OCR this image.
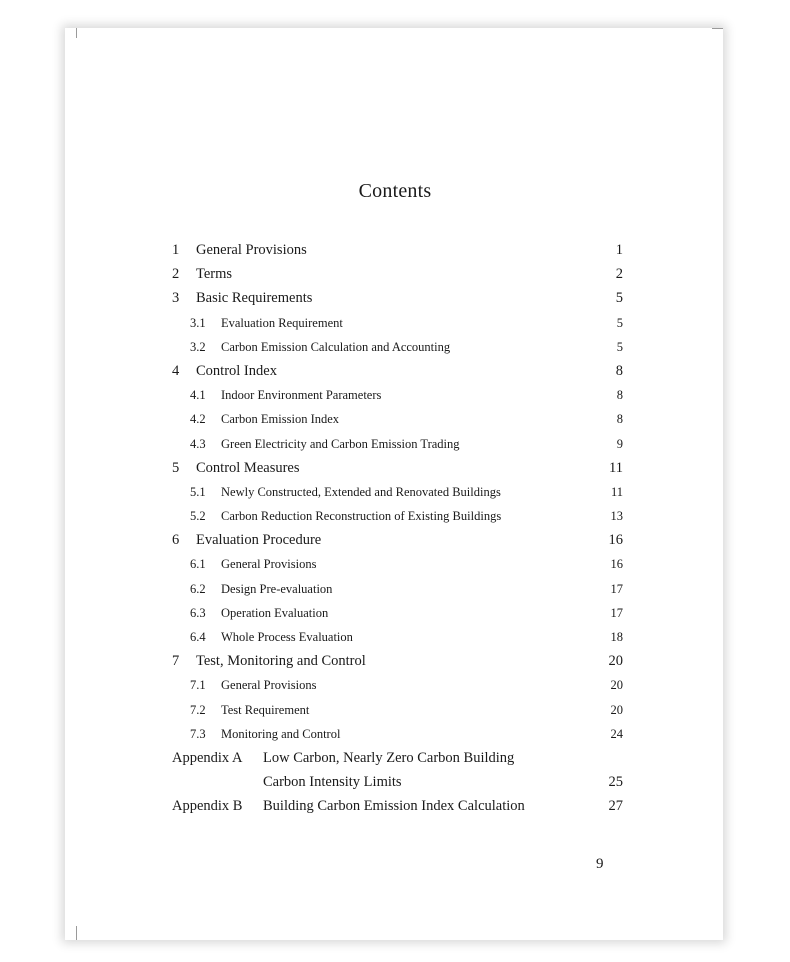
Contents
1	General Provisions	1
2	Terms	2
3	Basic Requirements	5
3.1	Evaluation Requirement	5
3.2	Carbon Emission Calculation and Accounting	5
4	Control Index	8
4.1	Indoor Environment Parameters	8
4.2	Carbon Emission Index	8
4.3	Green Electricity and Carbon Emission Trading	9
5	Control Measures	11
5.1	Newly Constructed, Extended and Renovated Buildings	11
5.2	Carbon Reduction Reconstruction of Existing Buildings	13
6	Evaluation Procedure	16
6.1	General Provisions	16
6.2	Design Pre-evaluation	17
6.3	Operation Evaluation	17
6.4	Whole Process Evaluation	18
7	Test, Monitoring and Control	20
7.1	General Provisions	20
7.2	Test Requirement	20
7.3	Monitoring and Control	24
Appendix A	Low Carbon, Nearly Zero Carbon Building
Carbon Intensity Limits	25
Appendix B	Building Carbon Emission Index Calculation	27
9
